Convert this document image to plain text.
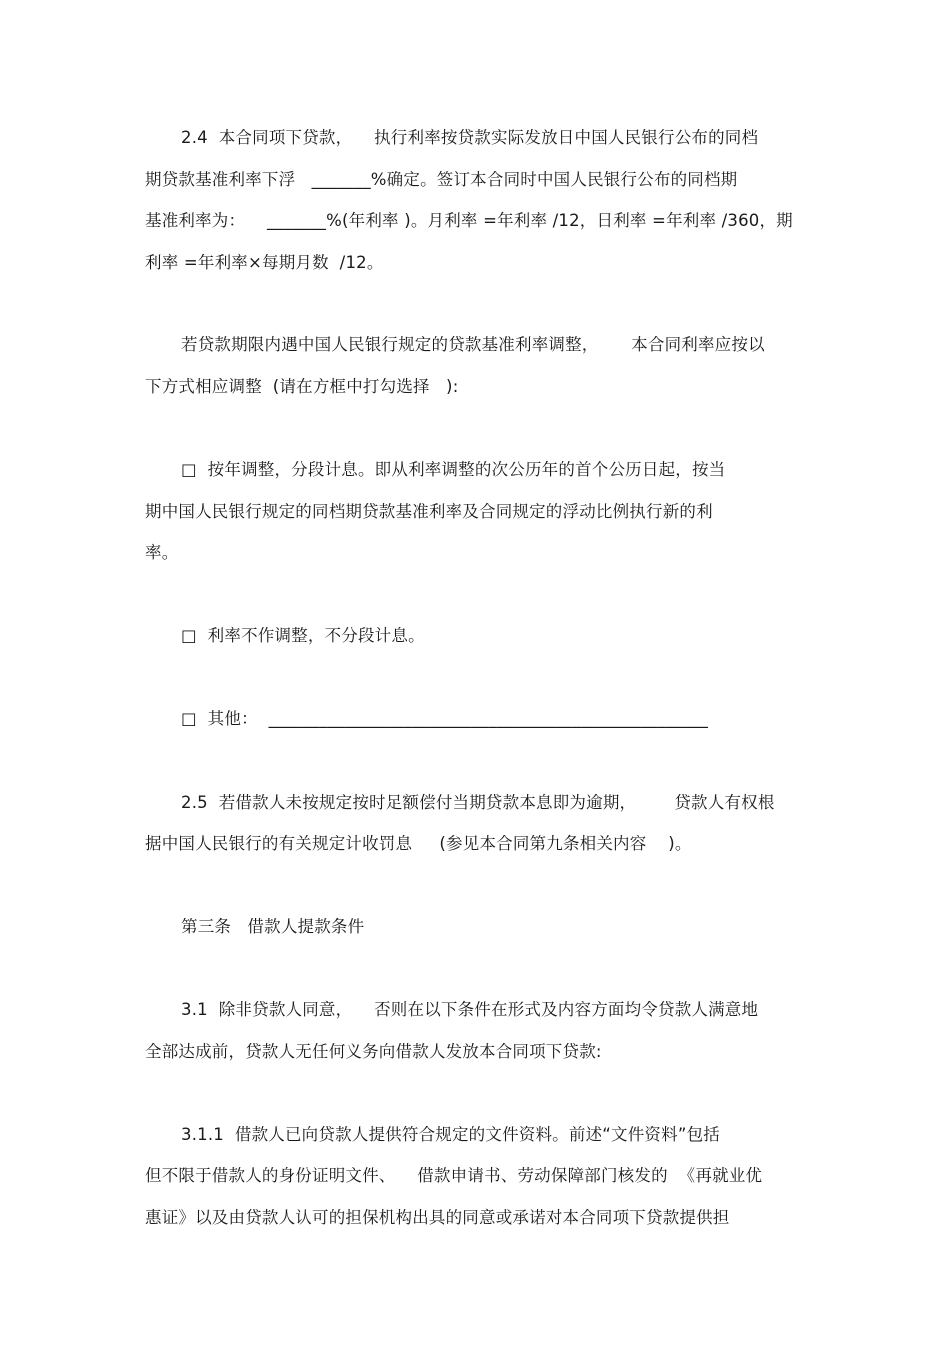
2.4  本合同项下贷款，    执行利率按贷款实际发放日中国人民银行公布的同档
期贷款基准利率下浮   _______%确定。签订本合同时中国人民银行公布的同档期
基准利率为：    _______%(年利率 )。月利率 =年利率 /12，日利率 =年利率 /360，期
利率 =年利率×每期月数  /12。
若贷款期限内遇中国人民银行规定的贷款基准利率调整，      本合同利率应按以
下方式相应调整  (请在方框中打勾选择   ):
□  按年调整，分段计息。即从利率调整的次公历年的首个公历日起，按当
期中国人民银行规定的同档期贷款基准利率及合同规定的浮动比例执行新的利
率。
□  利率不作调整，不分段计息。
□  其他：  ____________________________________________________
2.5  若借款人未按规定按时足额偿付当期贷款本息即为逾期，       贷款人有权根
据中国人民银行的有关规定计收罚息     (参见本合同第九条相关内容    )。
第三条   借款人提款条件
3.1  除非贷款人同意，    否则在以下条件在形式及内容方面均令贷款人满意地
全部达成前，贷款人无任何义务向借款人发放本合同项下贷款:
3.1.1  借款人已向贷款人提供符合规定的文件资料。前述“文件资料”包括
但不限于借款人的身份证明文件、    借款申请书、劳动保障部门核发的  《再就业优
惠证》以及由贷款人认可的担保机构出具的同意或承诺对本合同项下贷款提供担
